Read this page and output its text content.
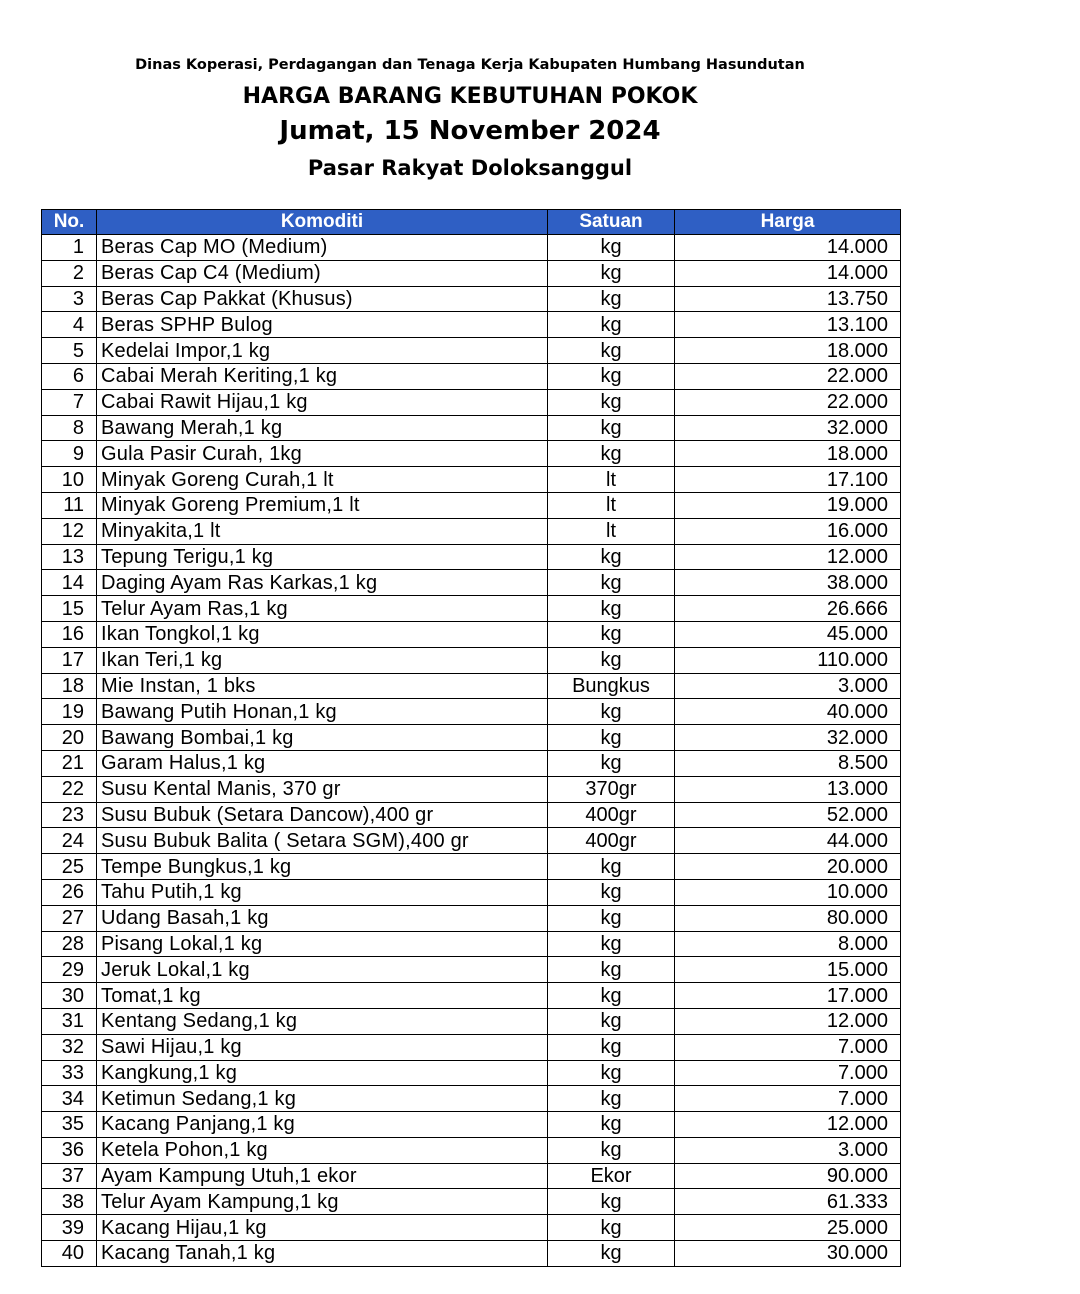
Dinas Koperasi, Perdagangan dan Tenaga Kerja Kabupaten Humbang Hasundutan
HARGA BARANG KEBUTUHAN POKOK
Jumat, 15 November 2024
Pasar Rakyat Doloksanggul
No.	Komoditi	Satuan	Harga
1	Beras Cap MO (Medium)	kg	14.000
2	Beras Cap C4 (Medium)	kg	14.000
3	Beras Cap Pakkat (Khusus)	kg	13.750
4	Beras SPHP Bulog	kg	13.100
5	Kedelai Impor,1 kg	kg	18.000
6	Cabai Merah Keriting,1 kg	kg	22.000
7	Cabai Rawit Hijau,1 kg	kg	22.000
8	Bawang Merah,1 kg	kg	32.000
9	Gula Pasir Curah, 1kg	kg	18.000
10	Minyak Goreng Curah,1 lt	lt	17.100
11	Minyak Goreng Premium,1 lt	lt	19.000
12	Minyakita,1 lt	lt	16.000
13	Tepung Terigu,1 kg	kg	12.000
14	Daging Ayam Ras Karkas,1 kg	kg	38.000
15	Telur Ayam Ras,1 kg	kg	26.666
16	Ikan Tongkol,1 kg	kg	45.000
17	Ikan Teri,1 kg	kg	110.000
18	Mie Instan, 1 bks	Bungkus	3.000
19	Bawang Putih Honan,1 kg	kg	40.000
20	Bawang Bombai,1 kg	kg	32.000
21	Garam Halus,1 kg	kg	8.500
22	Susu Kental Manis, 370 gr	370gr	13.000
23	Susu Bubuk (Setara Dancow),400 gr	400gr	52.000
24	Susu Bubuk Balita ( Setara SGM),400 gr	400gr	44.000
25	Tempe Bungkus,1 kg	kg	20.000
26	Tahu Putih,1 kg	kg	10.000
27	Udang Basah,1 kg	kg	80.000
28	Pisang Lokal,1 kg	kg	8.000
29	Jeruk Lokal,1 kg	kg	15.000
30	Tomat,1 kg	kg	17.000
31	Kentang Sedang,1 kg	kg	12.000
32	Sawi Hijau,1 kg	kg	7.000
33	Kangkung,1 kg	kg	7.000
34	Ketimun Sedang,1 kg	kg	7.000
35	Kacang Panjang,1 kg	kg	12.000
36	Ketela Pohon,1 kg	kg	3.000
37	Ayam Kampung Utuh,1 ekor	Ekor	90.000
38	Telur Ayam Kampung,1 kg	kg	61.333
39	Kacang Hijau,1 kg	kg	25.000
40	Kacang Tanah,1 kg	kg	30.000
